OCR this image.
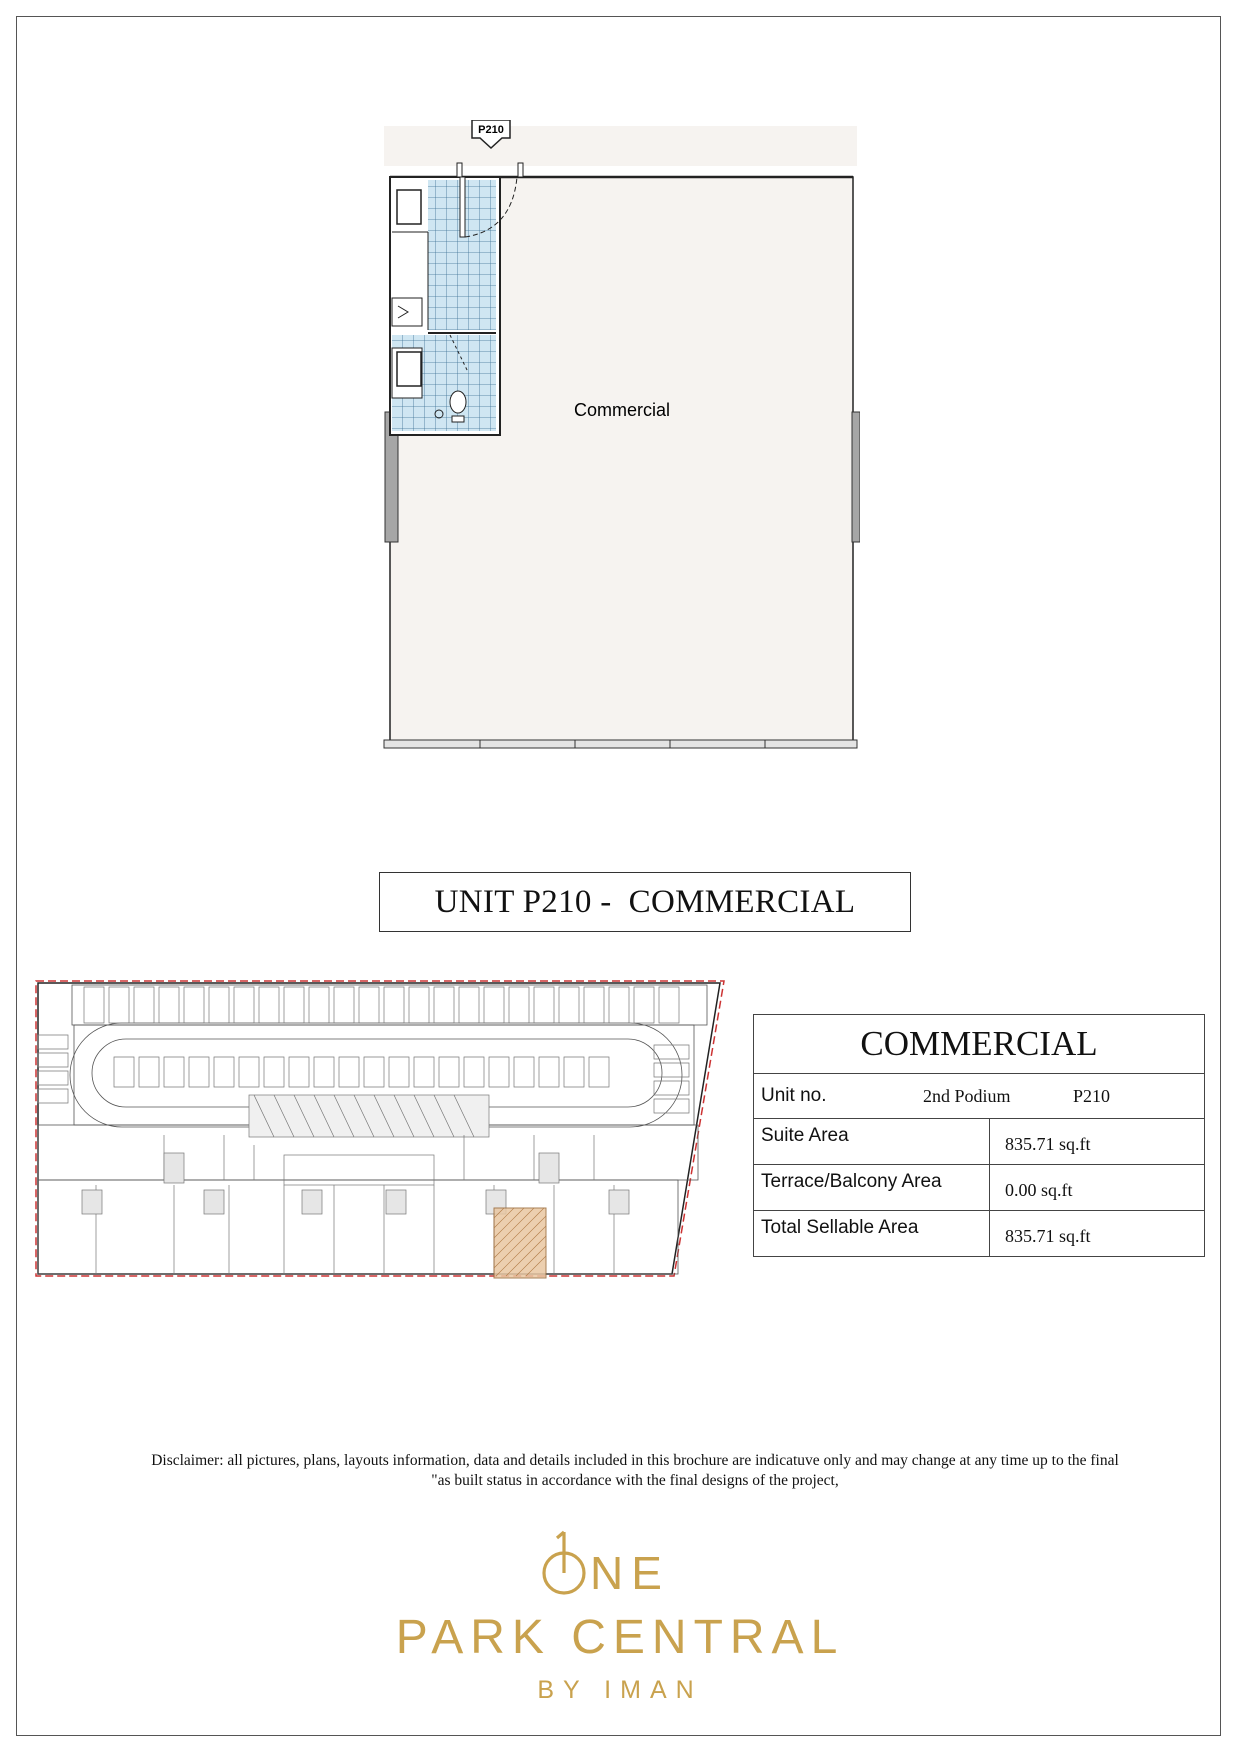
P210
Commercial
UNIT P210 -  COMMERCIAL
COMMERCIAL
Unit no.	2nd Podium	P210
Suite Area	835.71 sq.ft
Terrace/Balcony Area	0.00 sq.ft
Total Sellable Area	835.71 sq.ft
Disclaimer: all pictures, plans, layouts information, data and details included in this brochure are indicatuve only and may change at any time up to the final
"as built status in accordance with the final designs of the project,
NE
PARK CENTRAL
BY IMAN
